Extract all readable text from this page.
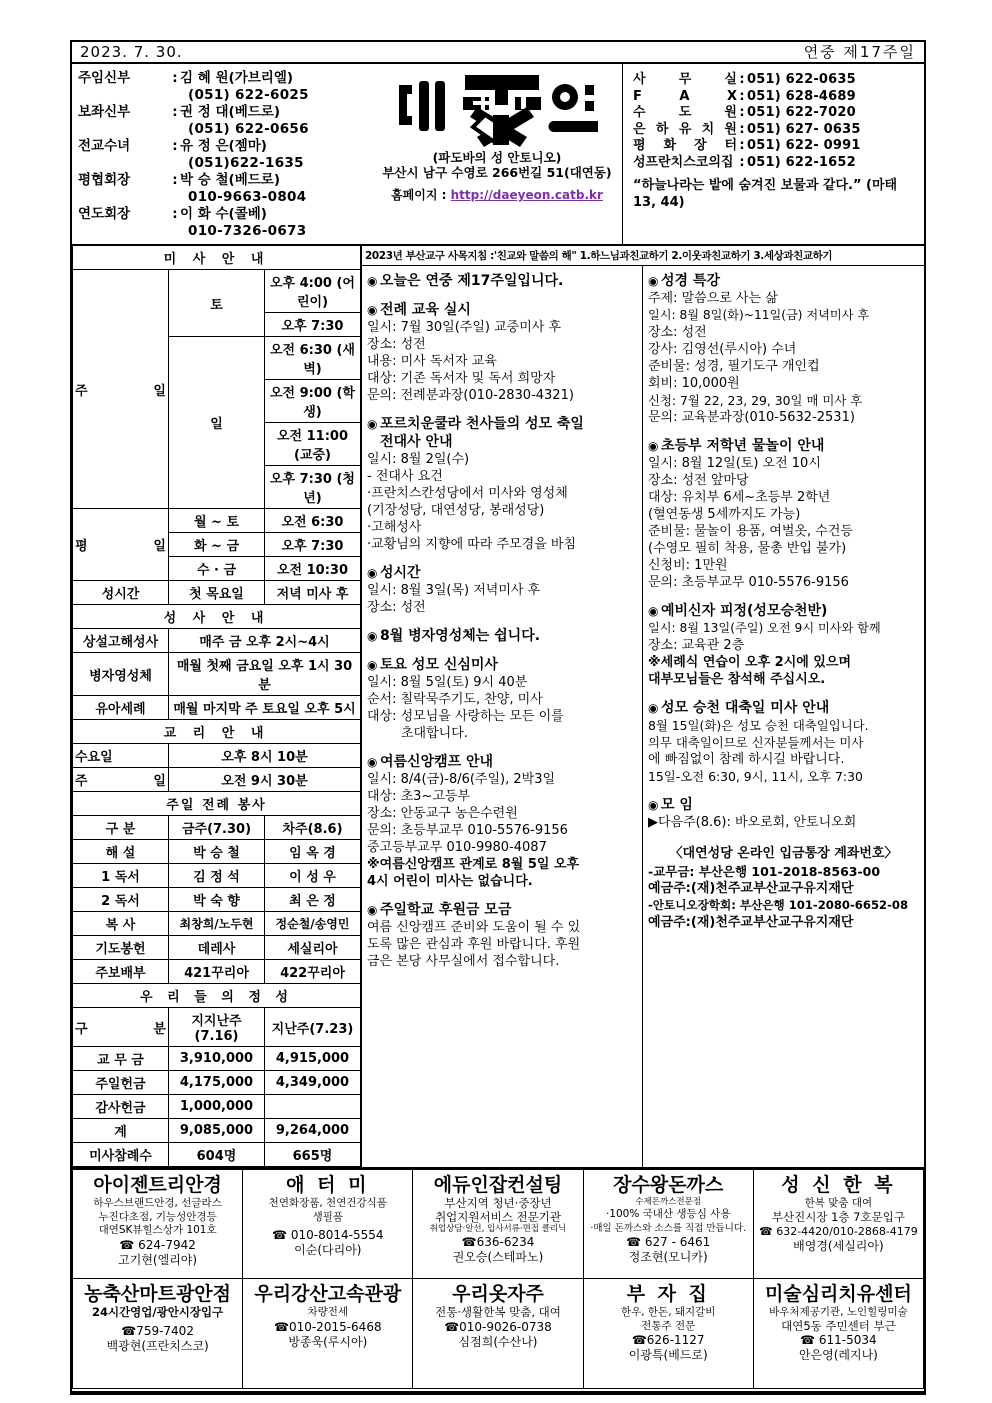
2023. 7. 30.	연중 제17주일
주임신부	: 김 혜 원(가브리엘)
(051) 622-6025
보좌신부	: 권 정 대(베드로)
(051) 622-0656
전교수녀	: 유 정 은(젬마)
(051)622-1635
평협회장	: 박 승 철(베드로)
010-9663-0804
연도회장	: 이 화 수(콜베)
010-7326-0673
(파도바의 성 안토니오)
부산시 남구 수영로 266번길 51(대연동)
홈페이지 : http://daeyeon.catb.kr
사 무 실 : 051) 622-0635
F A X : 051) 628-4689
수 도 원 : 051) 622-7020
은 하 유 치 원 : 051) 627- 0635
평 화 장 터 : 051) 622- 0991
성프란치스코의집 : 051) 622-1652
“하늘나라는 밭에 숨겨진 보물과 같다.” (마태 13, 44)
미 사 안 내		
주 일	토	오후 4:00 (어린이)
		오후 7:30
	일	오전 6:30 (새벽)
		오전 9:00 (학생)
		오전 11:00 (교중)
		오후 7:30 (청년)
평 일	월 ~ 토	오전 6:30
	화 ~ 금	오후 7:30
	수 · 금	오전 10:30
성시간	첫 목요일	저녁 미사 후
성 사 안 내		
상설고해성사	매주 금 오후 2시~4시	
병자영성체	매월 첫째 금요일 오후 1시 30분	
유아세례	매월 마지막 주 토요일 오후 5시	
교 리 안 내		
수요일	오후 8시 10분	
주 일	오전 9시 30분	
주일 전례 봉사		
구 분	금주(7.30)	차주(8.6)
해 설	박 승 철	임 옥 경
1 독서	김 정 석	이 성 우
2 독서	박 숙 향	최 은 정
복 사	최창희/노두현	정순철/송영민
기도봉헌	데레사	세실리아
주보배부	421꾸리아	422꾸리아
우 리 들 의 정 성		
구 분	지지난주(7.16)	지난주(7.23)
교 무 금	3,910,000	4,915,000
주일헌금	4,175,000	4,349,000
감사헌금	1,000,000	
계	9,085,000	9,264,000
미사참례수	604명	665명
2023년 부산교구 사목지침 :'친교와 말씀의 해" 1.하느님과친교하기 2.이웃과친교하기 3.세상과친교하기
◉ 오늘은 연중 제17주일입니다.
◉ 전례 교육 실시
일시: 7월 30일(주일) 교중미사 후
장소: 성전
내용: 미사 독서자 교육
대상: 기존 독서자 및 독서 희망자
문의: 전례분과장(010-2830-4321)
◉ 포르치운쿨라 천사들의 성모 축일
전대사 안내
일시: 8월 2일(수)
- 전대사 요건
·프란치스칸성당에서 미사와 영성체
(기장성당, 대연성당, 봉래성당)
·고해성사
·교황님의 지향에 따라 주모경을 바침
◉ 성시간
일시: 8월 3일(목) 저녁미사 후
장소: 성전
◉ 8월 병자영성체는 쉽니다.
◉ 토요 성모 신심미사
일시: 8월 5일(토) 9시 40분
순서: 칠락묵주기도, 찬양, 미사
대상: 성모님을 사랑하는 모든 이를
초대합니다.
◉ 여름신앙캠프 안내
일시: 8/4(금)-8/6(주일), 2박3일
대상: 초3~고등부
장소: 안동교구 농은수련원
문의: 초등부교무 010-5576-9156
중고등부교무 010-9980-4087
※여름신앙캠프 관계로 8월 5일 오후
4시 어린이 미사는 없습니다.
◉ 주일학교 후원금 모금
여름 신앙캠프 준비와 도움이 될 수 있
도록 많은 관심과 후원 바랍니다. 후원
금은 본당 사무실에서 접수합니다.
◉ 성경 특강
주제: 말씀으로 사는 삶
일시: 8월 8일(화)~11일(금) 저녁미사 후
장소: 성전
강사: 김영선(루시아) 수녀
준비물: 성경, 필기도구 개인컵
회비: 10,000원
신청: 7월 22, 23, 29, 30일 매 미사 후
문의: 교육분과장(010-5632-2531)
◉ 초등부 저학년 물놀이 안내
일시: 8월 12일(토) 오전 10시
장소: 성전 앞마당
대상: 유치부 6세~초등부 2학년
(혈연동생 5세까지도 가능)
준비물: 물놀이 용품, 여벌옷, 수건등
(수영모 필히 착용, 물총 반입 불가)
신청비: 1만원
문의: 초등부교무 010-5576-9156
◉ 예비신자 피정(성모승천반)
일시: 8월 13일(주일) 오전 9시 미사와 함께
장소: 교육관 2층
※세례식 연습이 오후 2시에 있으며
대부모님들은 참석해 주십시오.
◉ 성모 승천 대축일 미사 안내
8월 15일(화)은 성모 승천 대축일입니다.
의무 대축일이므로 신자분들께서는 미사
에 빠짐없이 참례 하시길 바랍니다.
15일-오전 6:30, 9시, 11시, 오후 7:30
◉ 모 임
▶다음주(8.6): 바오로회, 안토니오회
〈대연성당 온라인 입금통장 계좌번호〉
-교무금: 부산은행 101-2018-8563-00
예금주:(재)천주교부산교구유지재단
-안토니오장학회: 부산은행 101-2080-6652-08
예금주:(재)천주교부산교구유지재단
아이젠트리안경
하우스브랜드안경, 선글라스
누진다초점, 기능성안경등
대연SK뷰힐스상가 101호
☎ 624-7942
고기현(엘리야)
애 터 미
천연화장품, 천연건강식품
생필품
☎ 010-8014-5554
이순(다리아)
에듀인잡컨설팅
부산지역 청년·중장년
취업지원서비스 전문기관
취업상담·알선, 입사서류·면접 클리닉
☎636-6234
권오승(스테파노)
장수왕돈까스
수제돈까스전문점
·100% 국내산 생등심 사용
·매일 돈까스와 소스를 직접 만듭니다.
☎ 627 - 6461
정조현(모니카)
성 신 한 복
한복 맞춤 대여
부산진시장 1층 7호문입구
☎ 632-4420/010-2868-4179
배영경(세실리아)
농축산마트광안점
24시간영업/광안시장입구
☎759-7402
백광현(프란치스코)
우리강산고속관광
차량전세
☎010-2015-6468
방종욱(루시아)
우리옷자주
전통·생활한복 맞춤, 대여
☎010-9026-0738
심점희(수산나)
부 자 집
한우, 한돈, 돼지갈비
전통주 전문
☎626-1127
이광특(베드로)
미술심리치유센터
바우처제공기관, 노인힐링미술
대연5동 주민센터 부근
☎ 611-5034
안은영(레지나)
